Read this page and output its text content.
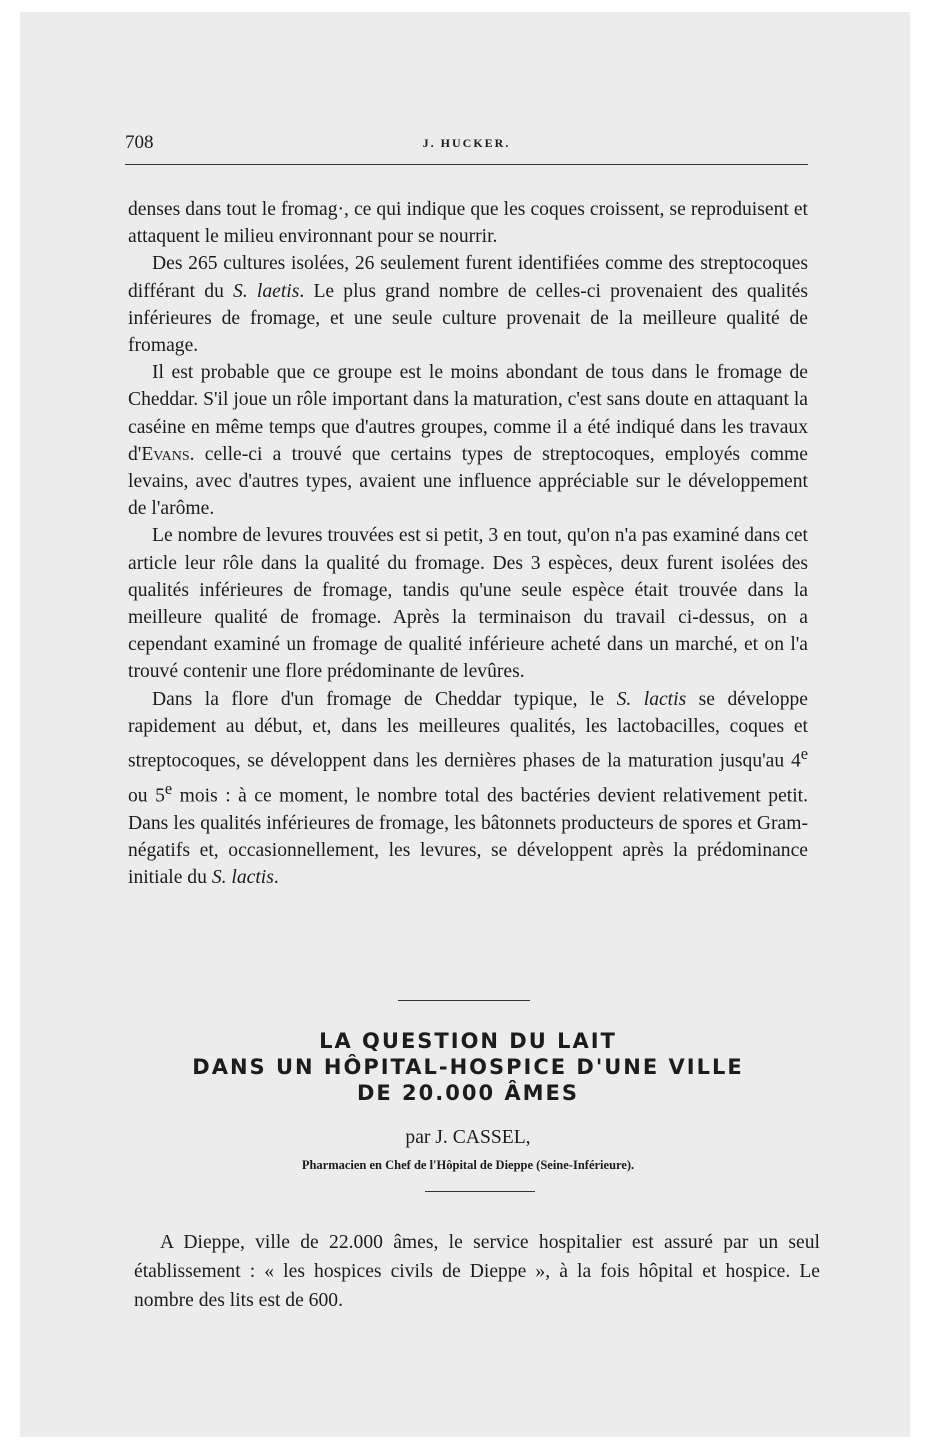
708	J. HUCKER.

denses dans tout le fromag·, ce qui indique que les coques croissent, se reproduisent et attaquent le milieu environnant pour se nourrir.

Des 265 cultures isolées, 26 seulement furent identifiées comme des streptocoques différant du S. laetis. Le plus grand nombre de celles-ci provenaient des qualités inférieures de fromage, et une seule culture provenait de la meilleure qualité de fromage.

Il est probable que ce groupe est le moins abondant de tous dans le fromage de Cheddar. S'il joue un rôle important dans la maturation, c'est sans doute en attaquant la caséine en même temps que d'autres groupes, comme il a été indiqué dans les travaux d'Evans. celle-ci a trouvé que certains types de streptocoques, employés comme levains, avec d'autres types, avaient une influence appréciable sur le développement de l'arôme.

Le nombre de levures trouvées est si petit, 3 en tout, qu'on n'a pas examiné dans cet article leur rôle dans la qualité du fromage. Des 3 espèces, deux furent isolées des qualités inférieures de fromage, tandis qu'une seule espèce était trouvée dans la meilleure qualité de fromage. Après la terminaison du travail ci-dessus, on a cependant examiné un fromage de qualité inférieure acheté dans un marché, et on l'a trouvé contenir une flore prédominante de levûres.

Dans la flore d'un fromage de Cheddar typique, le S. lactis se développe rapidement au début, et, dans les meilleures qualités, les lactobacilles, coques et streptocoques, se développent dans les dernières phases de la maturation jusqu'au 4e ou 5e mois : à ce moment, le nombre total des bactéries devient relativement petit. Dans les qualités inférieures de fromage, les bâtonnets producteurs de spores et Gram-négatifs et, occasionnellement, les levures, se développent après la prédominance initiale du S. lactis.

LA QUESTION DU LAIT
DANS UN HÔPITAL-HOSPICE D'UNE VILLE
DE 20.000 ÂMES
par J. CASSEL,
Pharmacien en Chef de l'Hôpital de Dieppe (Seine-Inférieure).

A Dieppe, ville de 22.000 âmes, le service hospitalier est assuré par un seul établissement : « les hospices civils de Dieppe », à la fois hôpital et hospice. Le nombre des lits est de 600.
